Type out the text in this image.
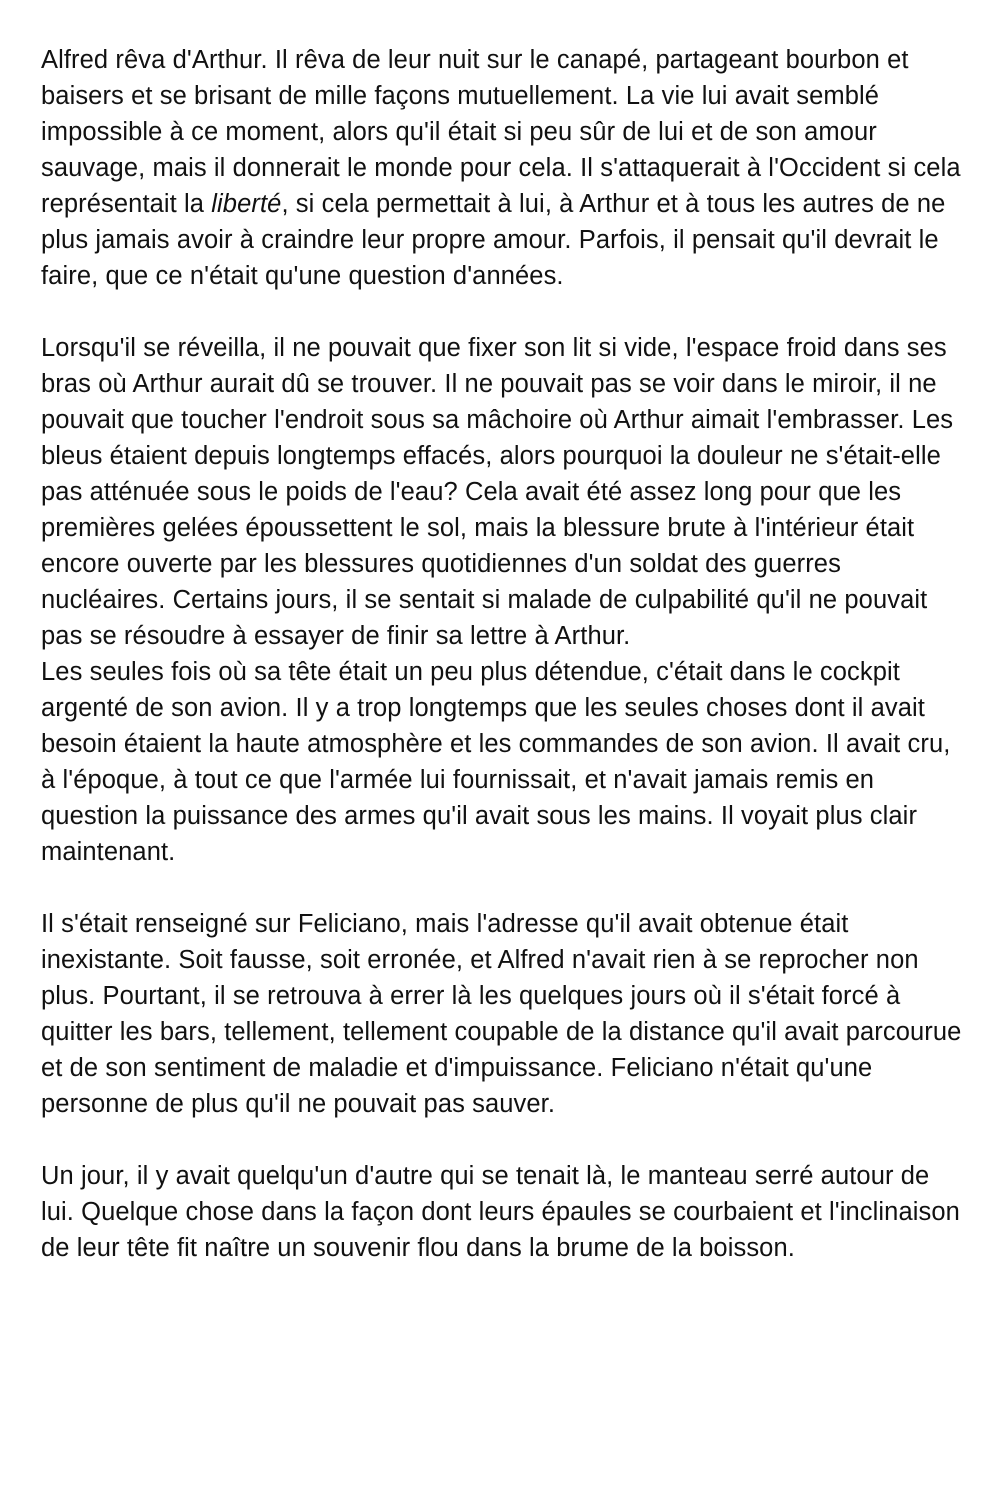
Alfred rêva d'Arthur. Il rêva de leur nuit sur le canapé, partageant bourbon et baisers et se brisant de mille façons mutuellement. La vie lui avait semblé impossible à ce moment, alors qu'il était si peu sûr de lui et de son amour sauvage, mais il donnerait le monde pour cela. Il s'attaquerait à l'Occident si cela représentait la liberté, si cela permettait à lui, à Arthur et à tous les autres de ne plus jamais avoir à craindre leur propre amour. Parfois, il pensait qu'il devrait le faire, que ce n'était qu'une question d'années.

Lorsqu'il se réveilla, il ne pouvait que fixer son lit si vide, l'espace froid dans ses bras où Arthur aurait dû se trouver. Il ne pouvait pas se voir dans le miroir, il ne pouvait que toucher l'endroit sous sa mâchoire où Arthur aimait l'embrasser. Les bleus étaient depuis longtemps effacés, alors pourquoi la douleur ne s'était-elle pas atténuée sous le poids de l'eau? Cela avait été assez long pour que les premières gelées époussettent le sol, mais la blessure brute à l'intérieur était encore ouverte par les blessures quotidiennes d'un soldat des guerres nucléaires. Certains jours, il se sentait si malade de culpabilité qu'il ne pouvait pas se résoudre à essayer de finir sa lettre à Arthur.

Les seules fois où sa tête était un peu plus détendue, c'était dans le cockpit argenté de son avion. Il y a trop longtemps que les seules choses dont il avait besoin étaient la haute atmosphère et les commandes de son avion. Il avait cru, à l'époque, à tout ce que l'armée lui fournissait, et n'avait jamais remis en question la puissance des armes qu'il avait sous les mains. Il voyait plus clair maintenant.

Il s'était renseigné sur Feliciano, mais l'adresse qu'il avait obtenue était inexistante. Soit fausse, soit erronée, et Alfred n'avait rien à se reprocher non plus. Pourtant, il se retrouva à errer là les quelques jours où il s'était forcé à quitter les bars, tellement, tellement coupable de la distance qu'il avait parcourue et de son sentiment de maladie et d'impuissance. Feliciano n'était qu'une personne de plus qu'il ne pouvait pas sauver.

Un jour, il y avait quelqu'un d'autre qui se tenait là, le manteau serré autour de lui. Quelque chose dans la façon dont leurs épaules se courbaient et l'inclinaison de leur tête fit naître un souvenir flou dans la brume de la boisson.
